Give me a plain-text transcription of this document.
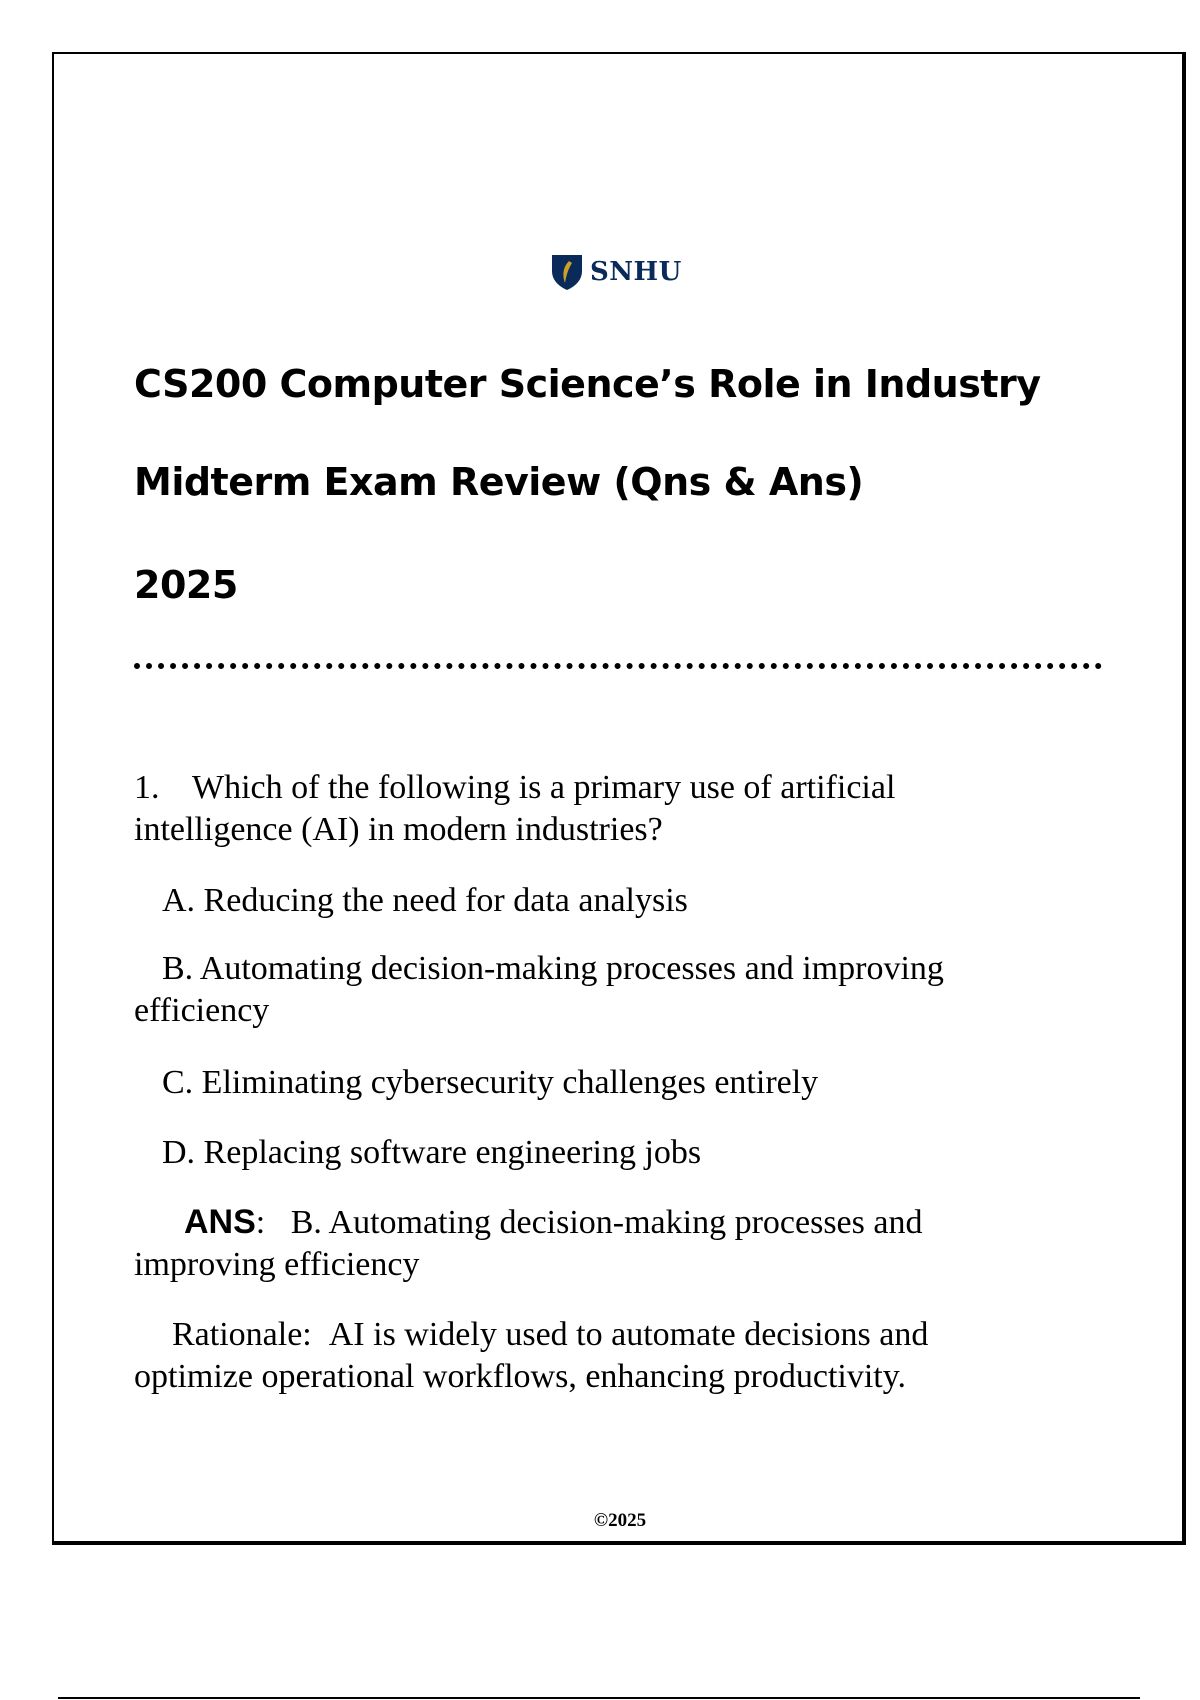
SNHU
CS200 Computer Science’s Role in Industry
Midterm Exam Review (Qns & Ans)
2025
1. Which of the following is a primary use of artificial intelligence (AI) in modern industries?
A. Reducing the need for data analysis
B. Automating decision-making processes and improving efficiency
C. Eliminating cybersecurity challenges entirely
D. Replacing software engineering jobs
ANS:   B. Automating decision-making processes and improving efficiency
Rationale: AI is widely used to automate decisions and optimize operational workflows, enhancing productivity.
©2025
